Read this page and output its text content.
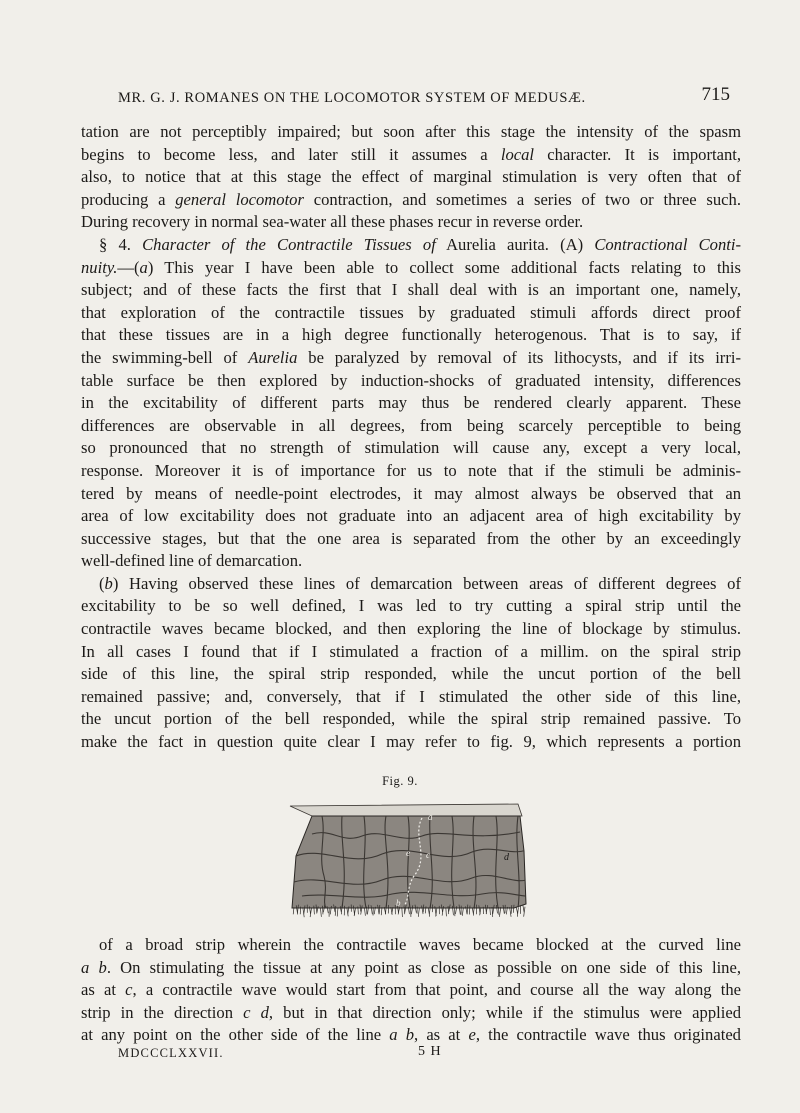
MR. G. J. ROMANES ON THE LOCOMOTOR SYSTEM OF MEDUSÆ.	715
tation are not perceptibly impaired; but soon after this stage the intensity of the spasm
begins to become less, and later still it assumes a local character. It is important,
also, to notice that at this stage the effect of marginal stimulation is very often that of
producing a general locomotor contraction, and sometimes a series of two or three such.
During recovery in normal sea-water all these phases recur in reverse order.
§ 4. Character of the Contractile Tissues of Aurelia aurita. (A) Contractional Conti-
nuity.—(a) This year I have been able to collect some additional facts relating to this
subject; and of these facts the first that I shall deal with is an important one, namely,
that exploration of the contractile tissues by graduated stimuli affords direct proof
that these tissues are in a high degree functionally heterogenous. That is to say, if
the swimming-bell of Aurelia be paralyzed by removal of its lithocysts, and if its irri-
table surface be then explored by induction-shocks of graduated intensity, differences
in the excitability of different parts may thus be rendered clearly apparent. These
differences are observable in all degrees, from being scarcely perceptible to being
so pronounced that no strength of stimulation will cause any, except a very local,
response. Moreover it is of importance for us to note that if the stimuli be adminis-
tered by means of needle-point electrodes, it may almost always be observed that an
area of low excitability does not graduate into an adjacent area of high excitability by
successive stages, but that the one area is separated from the other by an exceedingly
well-defined line of demarcation.
(b) Having observed these lines of demarcation between areas of different degrees of
excitability to be so well defined, I was led to try cutting a spiral strip until the
contractile waves became blocked, and then exploring the line of blockage by stimulus.
In all cases I found that if I stimulated a fraction of a millim. on the spiral strip
side of this line, the spiral strip responded, while the uncut portion of the bell
remained passive; and, conversely, that if I stimulated the other side of this line,
the uncut portion of the bell responded, while the spiral strip remained passive. To
make the fact in question quite clear I may refer to fig. 9, which represents a portion
Fig. 9.
a
b
c	d
e
of a broad strip wherein the contractile waves became blocked at the curved line
a b. On stimulating the tissue at any point as close as possible on one side of this line,
as at c, a contractile wave would start from that point, and course all the way along the
strip in the direction c d, but in that direction only; while if the stimulus were applied
at any point on the other side of the line a b, as at e, the contractile wave thus originated
MDCCCLXXVII.	5 H
